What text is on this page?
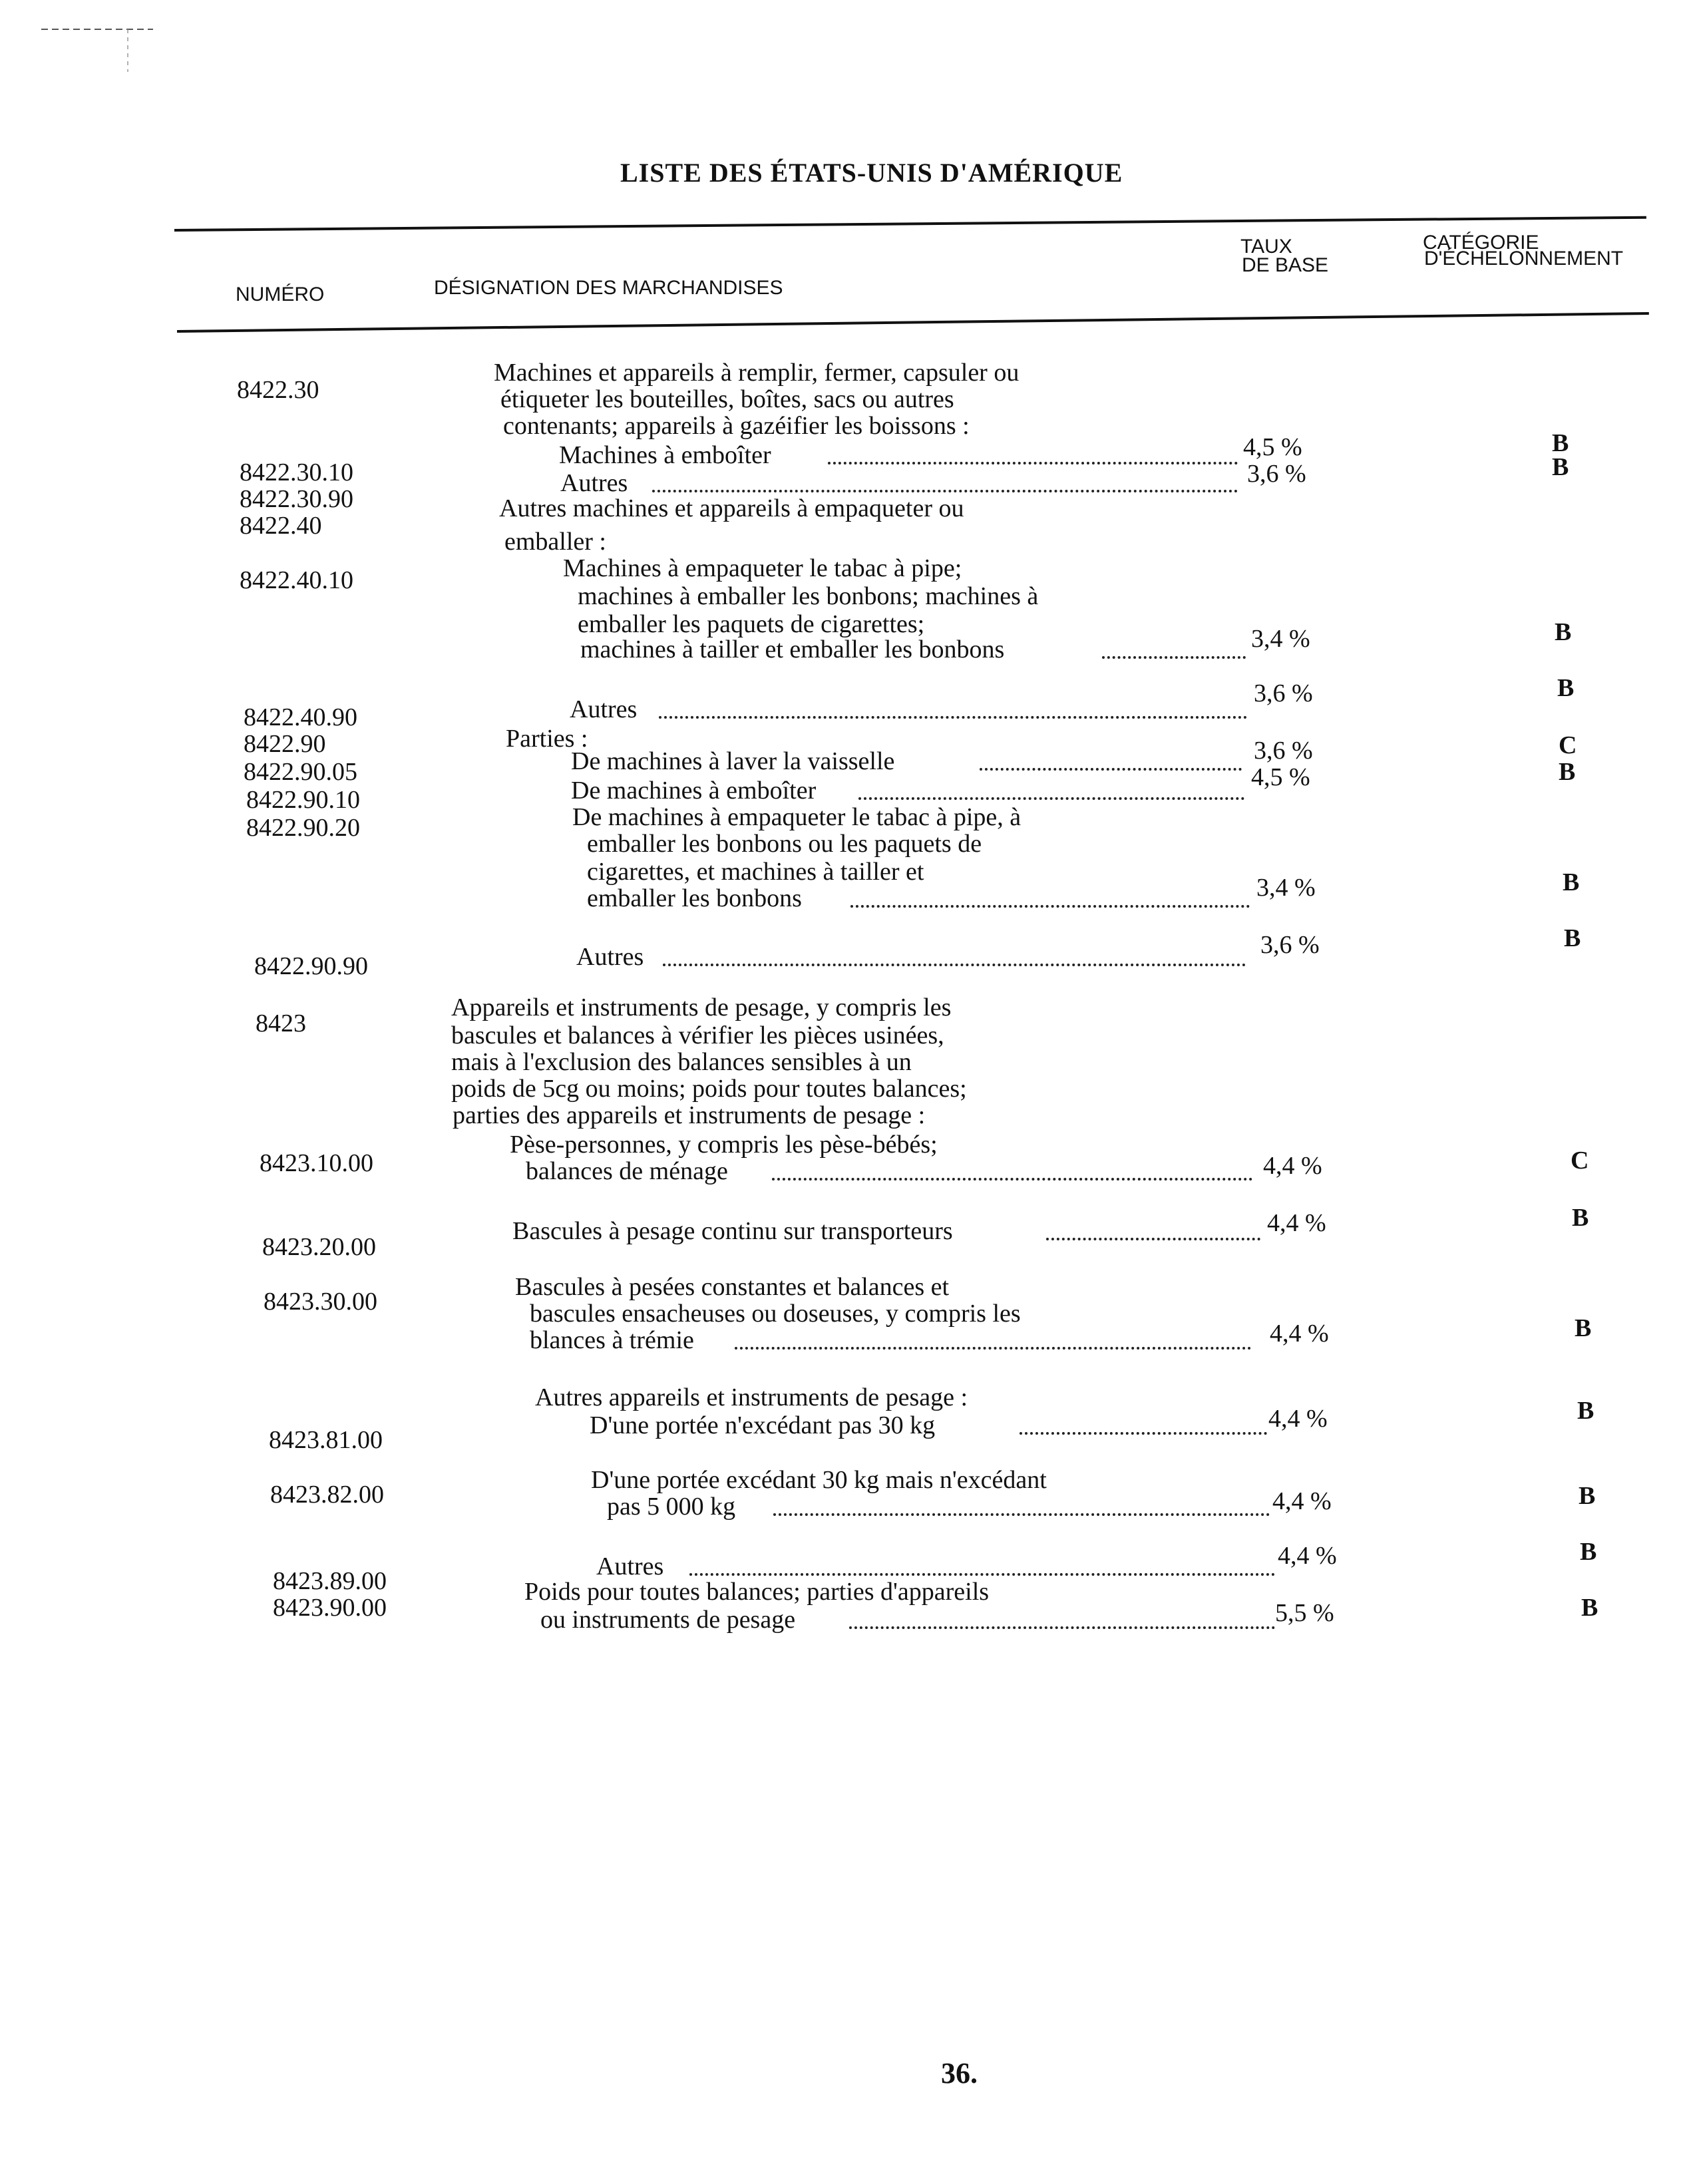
LISTE DES ÉTATS-UNIS D'AMÉRIQUE
NUMÉRO	DÉSIGNATION DES MARCHANDISES
TAUX
DE BASE
CATÉGORIE
D'ÉCHELONNEMENT
8422.30
8422.30.10
8422.30.90
8422.40
8422.40.10
8422.40.90
8422.90
8422.90.05
8422.90.10
8422.90.20
8422.90.90
8423
8423.10.00
8423.20.00
8423.30.00
8423.81.00
8423.82.00
8423.89.00
8423.90.00
Machines et appareils à remplir, fermer, capsuler ou
étiqueter les bouteilles, boîtes, sacs ou autres
contenants; appareils à gazéifier les boissons :
Machines à emboîter
Autres
Autres machines et appareils à empaqueter ou
emballer :
Machines à empaqueter le tabac à pipe;
machines à emballer les bonbons; machines à
emballer les paquets de cigarettes;
machines à tailler et emballer les bonbons
Autres
Parties :
De machines à laver la vaisselle
De machines à emboîter
De machines à empaqueter le tabac à pipe, à
emballer les bonbons ou les paquets de
cigarettes, et machines à tailler et
emballer les bonbons
Autres
Appareils et instruments de pesage, y compris les
bascules et balances à vérifier les pièces usinées,
mais à l'exclusion des balances sensibles à un
poids de 5cg ou moins; poids pour toutes balances;
parties des appareils et instruments de pesage :
Pèse-personnes, y compris les pèse-bébés;
balances de ménage
Bascules à pesage continu sur transporteurs
Bascules à pesées constantes et balances et
bascules ensacheuses ou doseuses, y compris les
blances à trémie
Autres appareils et instruments de pesage :
D'une portée n'excédant pas 30 kg
D'une portée excédant 30 kg mais n'excédant
pas 5 000 kg
Autres
Poids pour toutes balances; parties d'appareils
ou instruments de pesage
4,5 %
3,6 %
3,4 %
3,6 %
3,6 %
4,5 %
3,4 %
3,6 %
4,4 %
4,4 %
4,4 %
4,4 %
4,4 %
4,4 %
5,5 %
B
B
B
B
C
B
B
B
C
B
B
B
B
B
B
36.
